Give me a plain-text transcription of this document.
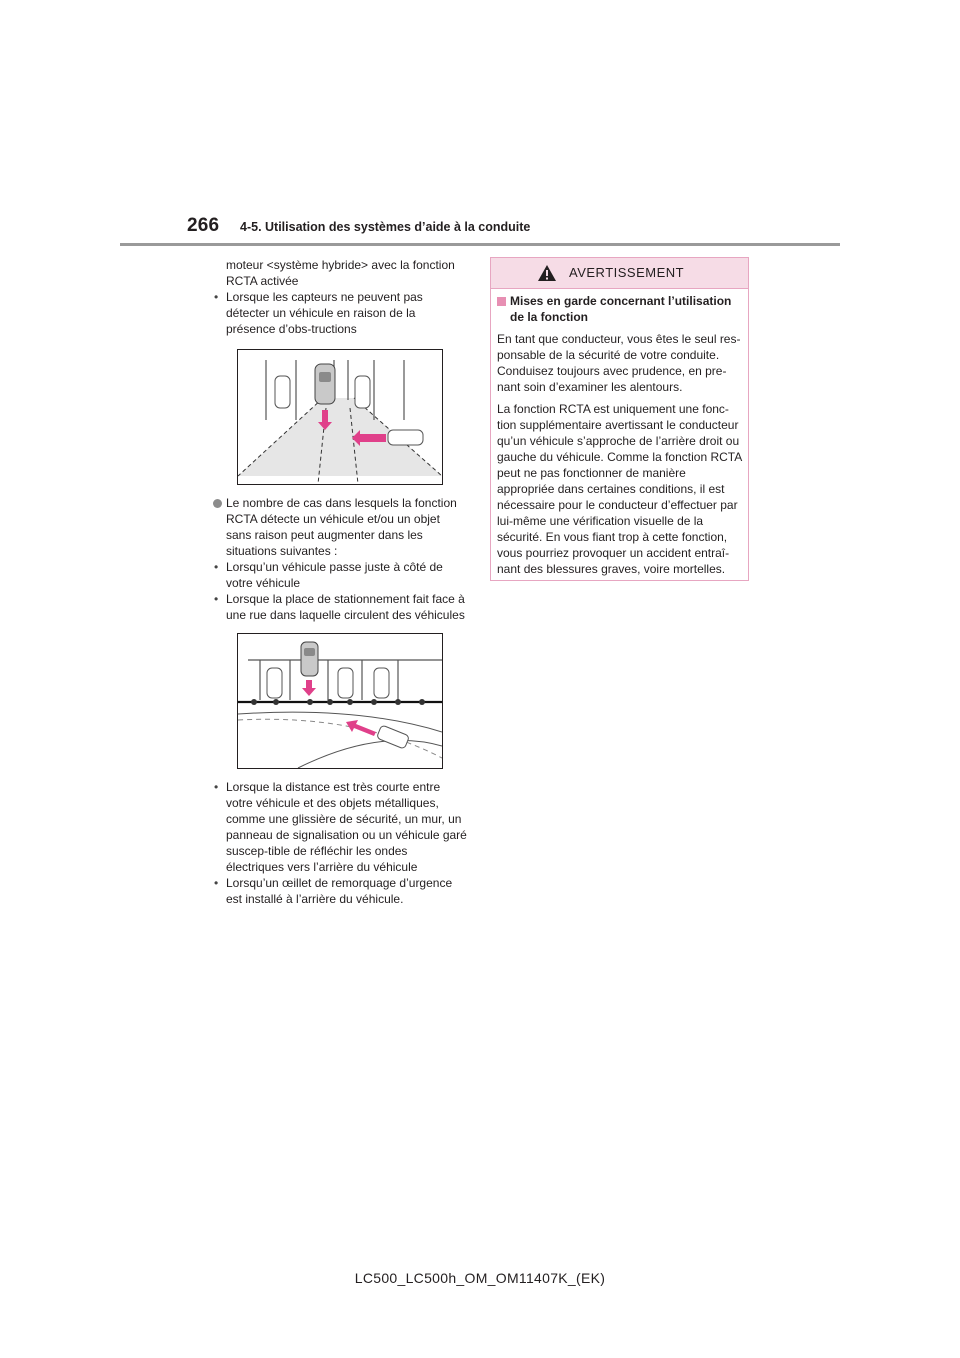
266 4-5. Utilisation des systèmes d’aide à la conduite

moteur <système hybride> avec la fonction

RCTA activée

• Lorsque les capteurs ne peuvent pas détecter un véhicule en raison de la présence d’obs-tructions

Le nombre de cas dans lesquels la fonction RCTA détecte un véhicule et/ou un objet sans raison peut augmenter dans les situations suivantes :

• Lorsqu’un véhicule passe juste à côté de votre véhicule

• Lorsque la place de stationnement fait face à une rue dans laquelle circulent des véhicules

• Lorsque la distance est très courte entre votre véhicule et des objets métalliques, comme une glissière de sécurité, un mur, un panneau de signalisation ou un véhicule garé suscep-tible de réfléchir les ondes électriques vers l’arrière du véhicule

• Lorsqu’un œillet de remorquage d’urgence est installé à l’arrière du véhicule.

AVERTISSEMENT

Mises en garde concernant l’utilisation de la fonction

En tant que conducteur, vous êtes le seul res-ponsable de la sécurité de votre conduite. Conduisez toujours avec prudence, en pre-nant soin d’examiner les alentours.

La fonction RCTA est uniquement une fonc-tion supplémentaire avertissant le conducteur qu’un véhicule s’approche de l’arrière droit ou gauche du véhicule. Comme la fonction RCTA peut ne pas fonctionner de manière appropriée dans certaines conditions, il est nécessaire pour le conducteur d’effectuer par lui-même une vérification visuelle de la sécurité. En vous fiant trop à cette fonction, vous pourriez provoquer un accident entraî-nant des blessures graves, voire mortelles.

LC500_LC500h_OM_OM11407K_(EK)
